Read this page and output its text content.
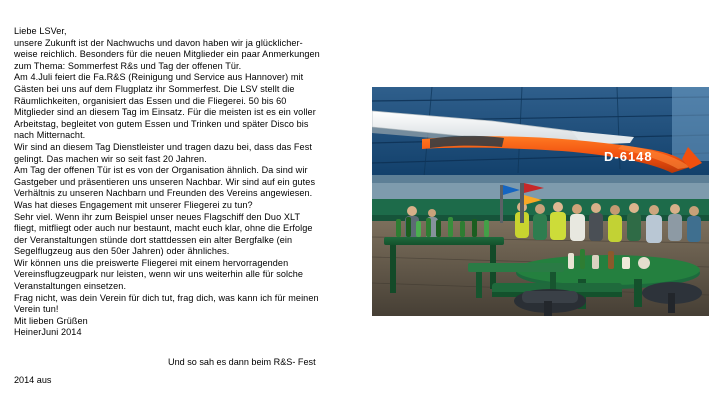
Liebe LSVer,

unsere Zukunft ist der Nachwuchs und davon haben wir ja glücklicher-

weise reichlich. Besonders für die neuen Mitglieder ein paar Anmerkungen

zum Thema: Sommerfest R&s und Tag der offenen Tür.

Am 4.Juli feiert die Fa.R&S (Reinigung und Service aus Hannover) mit

Gästen bei uns auf dem Flugplatz ihr Sommerfest. Die LSV stellt die

Räumlichkeiten, organisiert das Essen und die Fliegerei. 50 bis 60

Mitglieder sind an diesem Tag im Einsatz. Für die meisten ist es ein voller

Arbeitstag, begleitet von gutem Essen und Trinken und später Disco bis

nach Mitternacht.

Wir sind an diesem Tag Dienstleister und tragen dazu bei, dass das Fest

gelingt. Das machen wir so seit fast 20 Jahren.

Am Tag der offenen Tür ist es von der Organisation ähnlich. Da sind wir

Gastgeber und präsentieren uns unseren Nachbar. Wir sind auf ein gutes

Verhältnis zu unseren Nachbarn und Freunden des Vereins angewiesen.

Was hat dieses Engagement mit unserer Fliegerei zu tun?

Sehr viel. Wenn ihr zum Beispiel unser neues Flagschiff den Duo XLT

fliegt, mitfliegt oder auch nur bestaunt, macht euch klar, ohne die Erfolge

der Veranstaltungen stünde dort stattdessen ein alter Bergfalke (ein

Segelflugzeug aus den 50er Jahren) oder ähnliches.

Wir können uns die preiswerte Fliegerei mit einem hervorragenden

Vereinsflugzeugpark nur leisten, wenn wir uns weiterhin alle für solche

Veranstaltungen einsetzen.

Frag nicht, was dein Verein für dich tut, frag dich, was kann ich für meinen

Verein tun!

Mit lieben Grüßen

HeinerJuni 2014

Und so sah es dann beim R&S- Fest
2014 aus
D-6148
